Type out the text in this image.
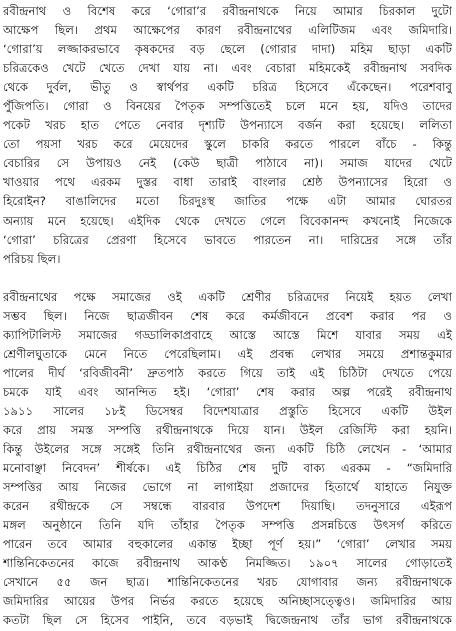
রবীন্দ্রনাথ ও বিশেষ করে ‘গোরা’র রবীন্দ্রনাথকে নিয়ে আমার চিরকাল দুটো
আক্ষেপ ছিল। প্রথম আক্ষেপের কারণ রবীন্দ্রনাথের এলিটিজম এবং জমিদারি।
‘গোরা’য় লজ্জাকরভাবে কৃষকদের বড় ছেলে (গোরার দাদা) মহিম ছাড়া একটি
চরিত্রকেও খেটে খেতে দেখা যায় না। এবং বেচারা মহিমকেই রবীন্দ্রনাথ সবদিক
থেকে দুর্বল, ভীতু ও স্বার্থপর একটি চরিত্র হিসেবে এঁকেছেন। পরেশবাবু
পুঁজিপতি। গোরা ও বিনয়ের পৈতৃক সম্পত্তিতেই চলে মনে হয়, যদিও তাদের
পকেট খরচ হাত পেতে নেবার দৃশ্যটি উপন্যাসে বর্জন করা হয়েছে। ললিতা
তো পয়সা খরচ করে মেয়েদের স্কুলে চাকরি করতে পারলে বাঁচে - কিন্তু
বেচারির সে উপায়ও নেই (কেউ ছাত্রী পাঠাবে না)। সমাজ যাদের খেটে
খাওয়ার পথে এরকম দুস্তর বাধা তারাই বাংলার শ্রেষ্ঠ উপন্যাসের হিরো ও
হিরোইন? বাঙালিদের মতো চিরদুঃস্থ জাতির পক্ষে এটা আমার ঘোরতর
অন্যায় মনে হয়েছে। এইদিক থেকে দেখতে গেলে বিবেকানন্দ কখনোই নিজেকে
‘গোরা’ চরিত্রের প্রেরণা হিসেবে ভাবতে পারতেন না। দারিদ্রের সঙ্গে তাঁর
পরিচয় ছিল।
রবীন্দ্রনাথের পক্ষে সমাজের ওই একটি শ্রেণীর চরিত্রদের নিয়েই হয়ত লেখা
সম্ভব ছিল। নিজে ছাত্রজীবন শেষ করে কর্মজীবনে প্রবেশ করার পর ও
ক্যাপিটালিস্ট সমাজের গড্ডালিকাপ্রবাহে আস্তে আস্তে মিশে যাবার সময় এই
শ্রেণীলঘুতাকে মেনে নিতে পেরেছিলাম। এই প্রবন্ধ লেখার সময়ে প্রশান্তকুমার
পালের দীর্ঘ ‘রবিজীবনী’ দ্রুতপাঠ করতে গিয়ে তাই এই চিঠিটা দেখতে পেয়ে
চমকে যাই এবং আনন্দিত হই। ‘গোরা’ শেষ করার অল্প পরেই রবীন্দ্রনাথ
১৯১১ সালের ১৮ই ডিসেম্বর বিদেশযাত্রার প্রস্তুতি হিসেবে একটি উইল
করে প্রায় সমস্ত সম্পত্তি রথীন্দ্রনাথকে দিয়ে যান। উইল রেজিস্টি করা হয়নি।
কিন্তু উইলের সঙ্গে সঙ্গেই তিনি রথীন্দ্রনাথের জন্য একটি চিঠি লেখেন - ‘আমার
মনোবাঞ্ছা নিবেদন’ শীর্ষকে। এই চিঠির শেষ দুটি বাক্য এরকম - “জমিদারি
সম্পত্তির আয় নিজের ভোগে না লাগাইয়া প্রজাদের হিতার্থে যাহাতে নিযুক্ত
করেন রথীন্দ্রকে সে সম্বন্ধে বারবার উপদেশ দিয়াছি। তদনুসারে এইরূপ
মঙ্গল অনুষ্ঠানে তিনি যদি তাঁহার পৈতৃক সম্পত্তি প্রসন্নচিত্তে উৎসর্গ করিতে
পারেন তবে আমার বহুকালের একান্ত ইচ্ছা পূর্ণ হয়।” ‘গোরা’ লেখার সময়
শান্তিনিকেতনের কাজে রবীন্দ্রনাথ আকণ্ঠ নিমজ্জিত। ১৯০৭ সালের গোড়াতেই
সেখানে ৫৫ জন ছাত্র। শান্তিনিকেতনের খরচ যোগাবার জন্য রবীন্দ্রনাথকে
জমিদারির আয়ের উপর নির্ভর করতে হয়েছে অনিচ্ছাসত্ত্বেও। জমিদারির আয়
কতটা ছিল সে হিসেব পাইনি, তবে বড়ভাই দ্বিজেন্দ্রনাথ তাঁর ভাগ রবীন্দ্রনাথকে
